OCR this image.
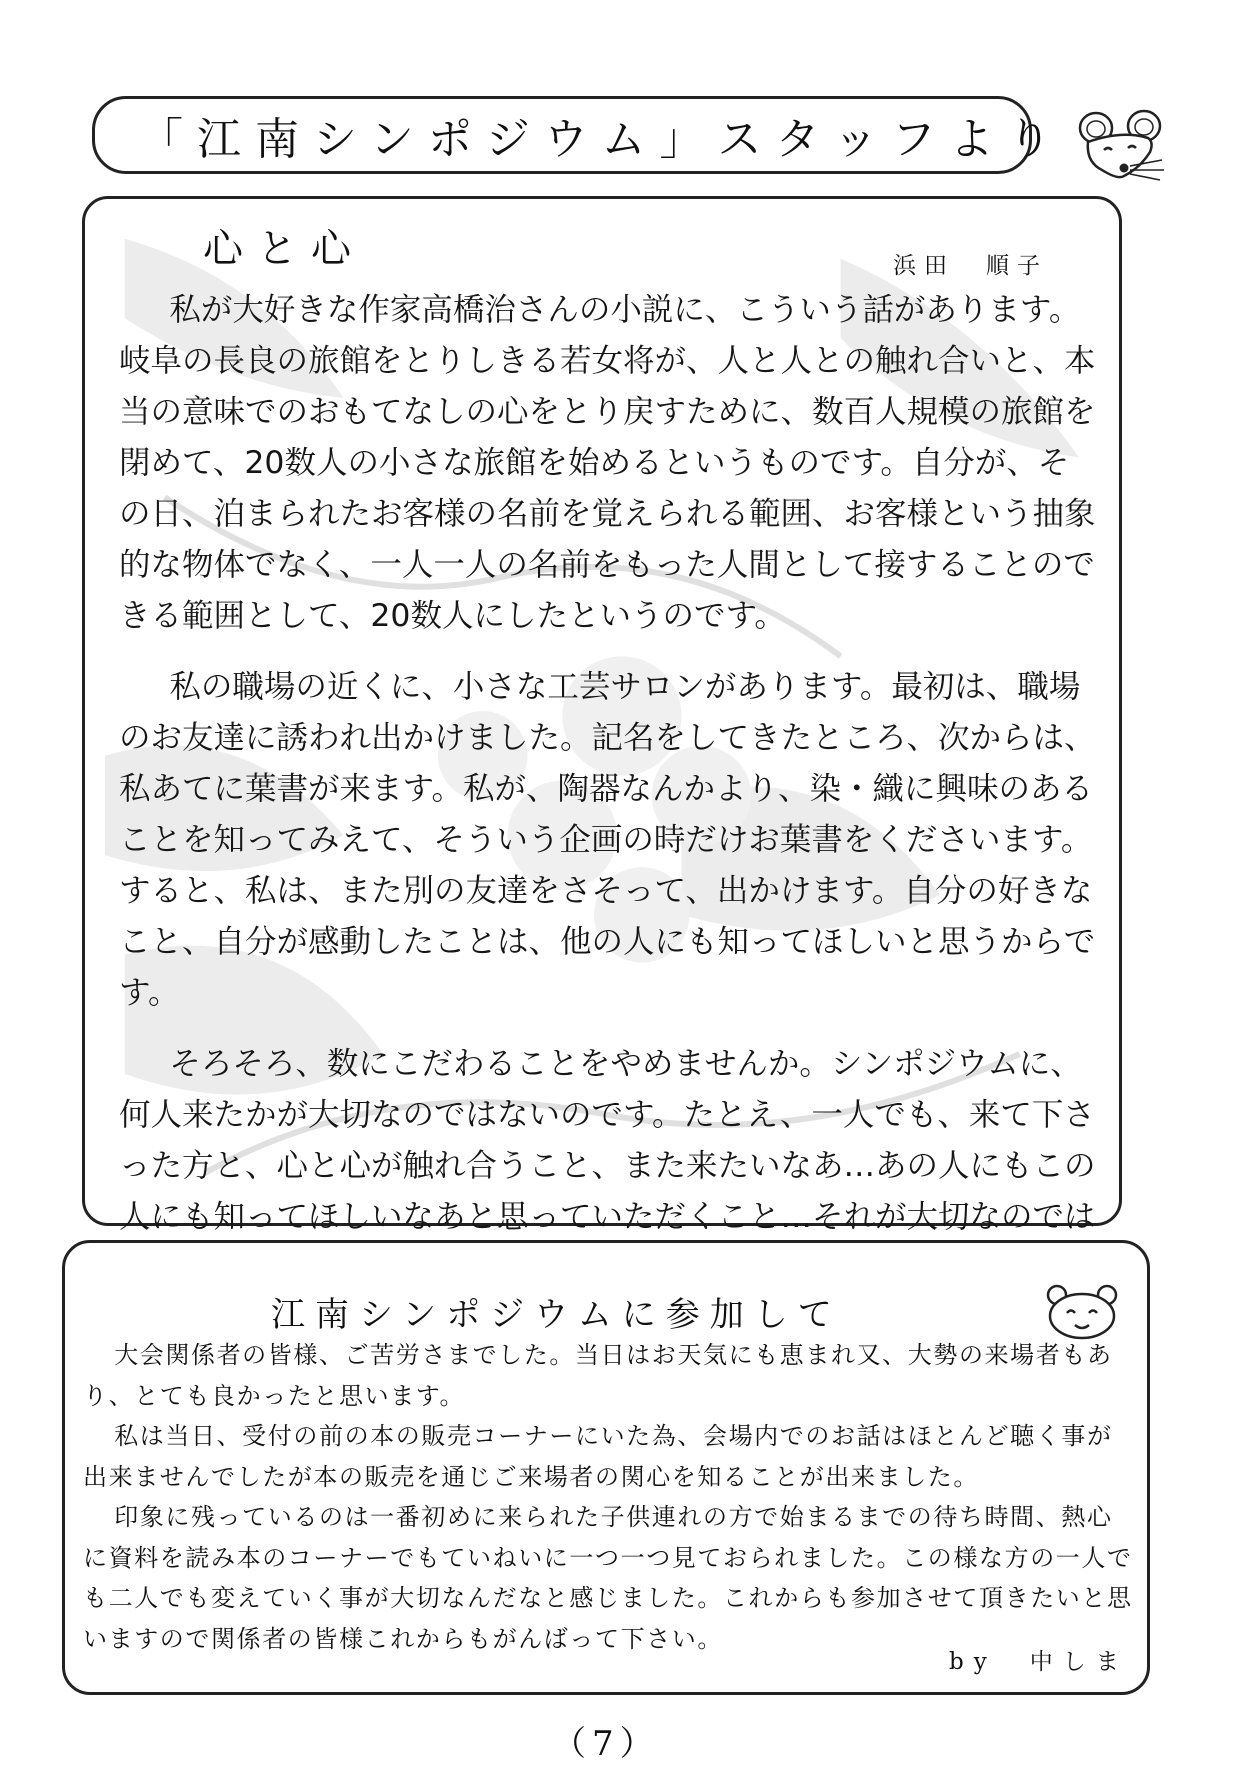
「江南シンポジウム」スタッフより
心と心	浜田　順子

私が大好きな作家高橋治さんの小説に、こういう話があります。岐阜の長良の旅館をとりしきる若女将が、人と人との触れ合いと、本当の意味でのおもてなしの心をとり戻すために、数百人規模の旅館を閉めて、20数人の小さな旅館を始めるというものです。自分が、その日、泊まられたお客様の名前を覚えられる範囲、お客様という抽象的な物体でなく、一人一人の名前をもった人間として接することのできる範囲として、20数人にしたというのです。

私の職場の近くに、小さな工芸サロンがあります。最初は、職場のお友達に誘われ出かけました。記名をしてきたところ、次からは、私あてに葉書が来ます。私が、陶器なんかより、染・織に興味のあることを知ってみえて、そういう企画の時だけお葉書をくださいます。すると、私は、また別の友達をさそって、出かけます。自分の好きなこと、自分が感動したことは、他の人にも知ってほしいと思うからです。

そろそろ、数にこだわることをやめませんか。シンポジウムに、何人来たかが大切なのではないのです。たとえ、一人でも、来て下さった方と、心と心が触れ合うこと、また来たいなあ…あの人にもこの人にも知ってほしいなあと思っていただくこと…それが大切なのでは

江南シンポジウムに参加して

大会関係者の皆様、ご苦労さまでした。当日はお天気にも恵まれ又、大勢の来場者もあり、とても良かったと思います。

私は当日、受付の前の本の販売コーナーにいた為、会場内でのお話はほとんど聴く事が出来ませんでしたが本の販売を通じご来場者の関心を知ることが出来ました。

印象に残っているのは一番初めに来られた子供連れの方で始まるまでの待ち時間、熱心に資料を読み本のコーナーでもていねいに一つ一つ見ておられました。この様な方の一人でも二人でも変えていく事が大切なんだなと感じました。これからも参加させて頂きたいと思いますので関係者の皆様これからもがんばって下さい。

by　中しま
（7）
